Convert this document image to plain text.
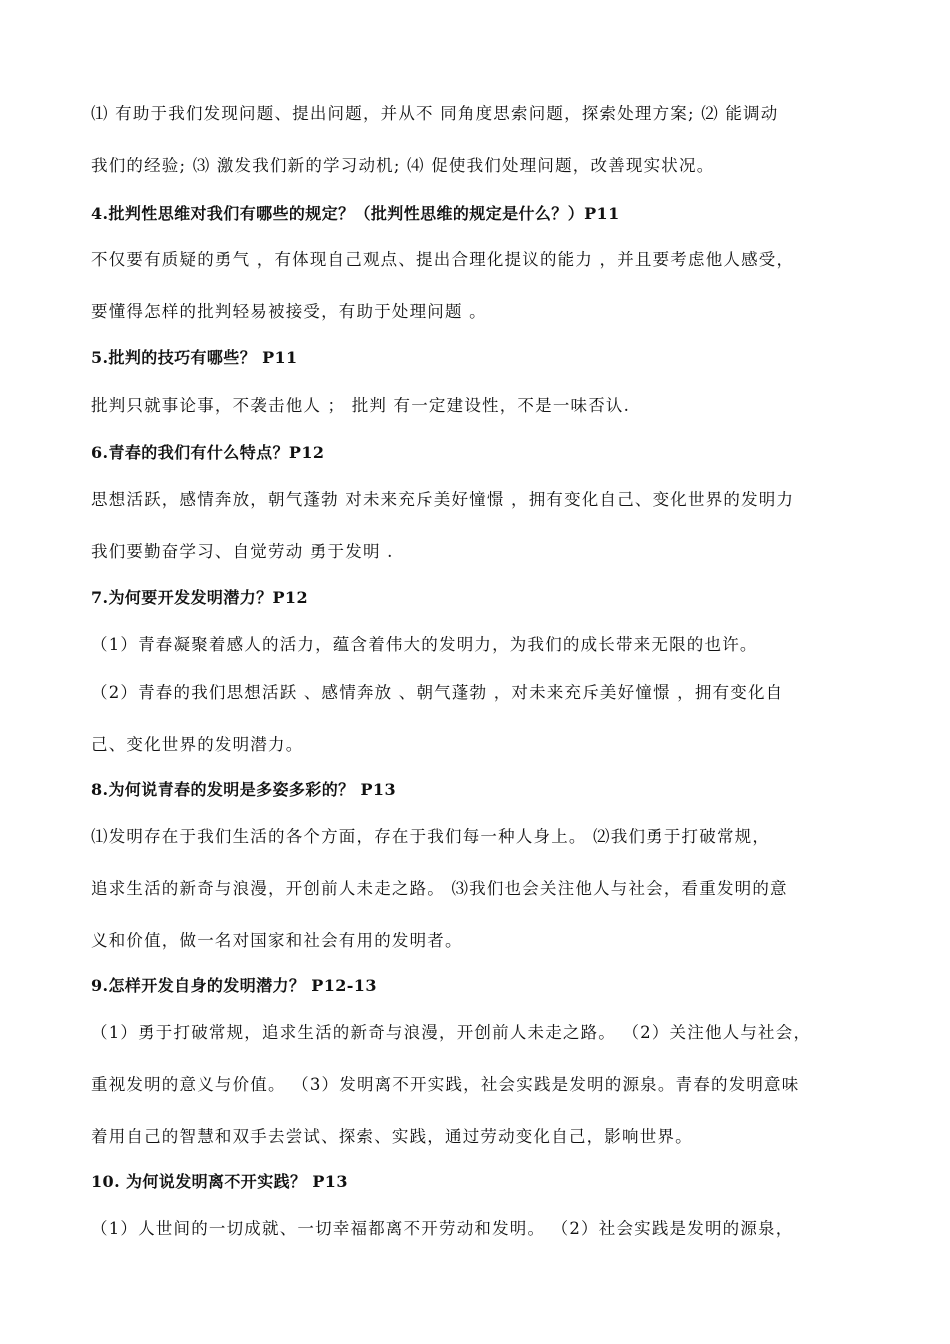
⑴ 有助于我们发现问题、提出问题，并从不 同角度思索问题，探索处理方案; ⑵ 能调动
我们的经验; ⑶ 激发我们新的学习动机; ⑷ 促使我们处理问题，改善现实状况。
4.批判性思维对我们有哪些的规定？（批判性思维的规定是什么？）P11
不仅要有质疑的勇气 ，有体现自己观点、提出合理化提议的能力 ，并且要考虑他人感受，
要懂得怎样的批判轻易被接受，有助于处理问题 。
5.批判的技巧有哪些？ P11
批判只就事论事，不袭击他人 ； 批判 有一定建设性，不是一味否认.
6.青春的我们有什么特点？P12
思想活跃，感情奔放，朝气蓬勃 对未来充斥美好憧憬 ，拥有变化自己、变化世界的发明力
我们要勤奋学习、自觉劳动 勇于发明 .
7.为何要开发发明潜力？P12
（1）青春凝聚着感人的活力，蕴含着伟大的发明力，为我们的成长带来无限的也许。
（2）青春的我们思想活跃 、感情奔放 、朝气蓬勃 ，对未来充斥美好憧憬 ，拥有变化自
己、变化世界的发明潜力。
8.为何说青春的发明是多姿多彩的？ P13
⑴发明存在于我们生活的各个方面，存在于我们每一种人身上。 ⑵我们勇于打破常规，
追求生活的新奇与浪漫，开创前人未走之路。 ⑶我们也会关注他人与社会，看重发明的意
义和价值，做一名对国家和社会有用的发明者。
9.怎样开发自身的发明潜力？ P12-13
（1）勇于打破常规，追求生活的新奇与浪漫，开创前人未走之路。 （2）关注他人与社会，
重视发明的意义与价值。 （3）发明离不开实践，社会实践是发明的源泉。青春的发明意味
着用自己的智慧和双手去尝试、探索、实践，通过劳动变化自己，影响世界。
10. 为何说发明离不开实践？ P13
（1）人世间的一切成就、一切幸福都离不开劳动和发明。 （2）社会实践是发明的源泉，
